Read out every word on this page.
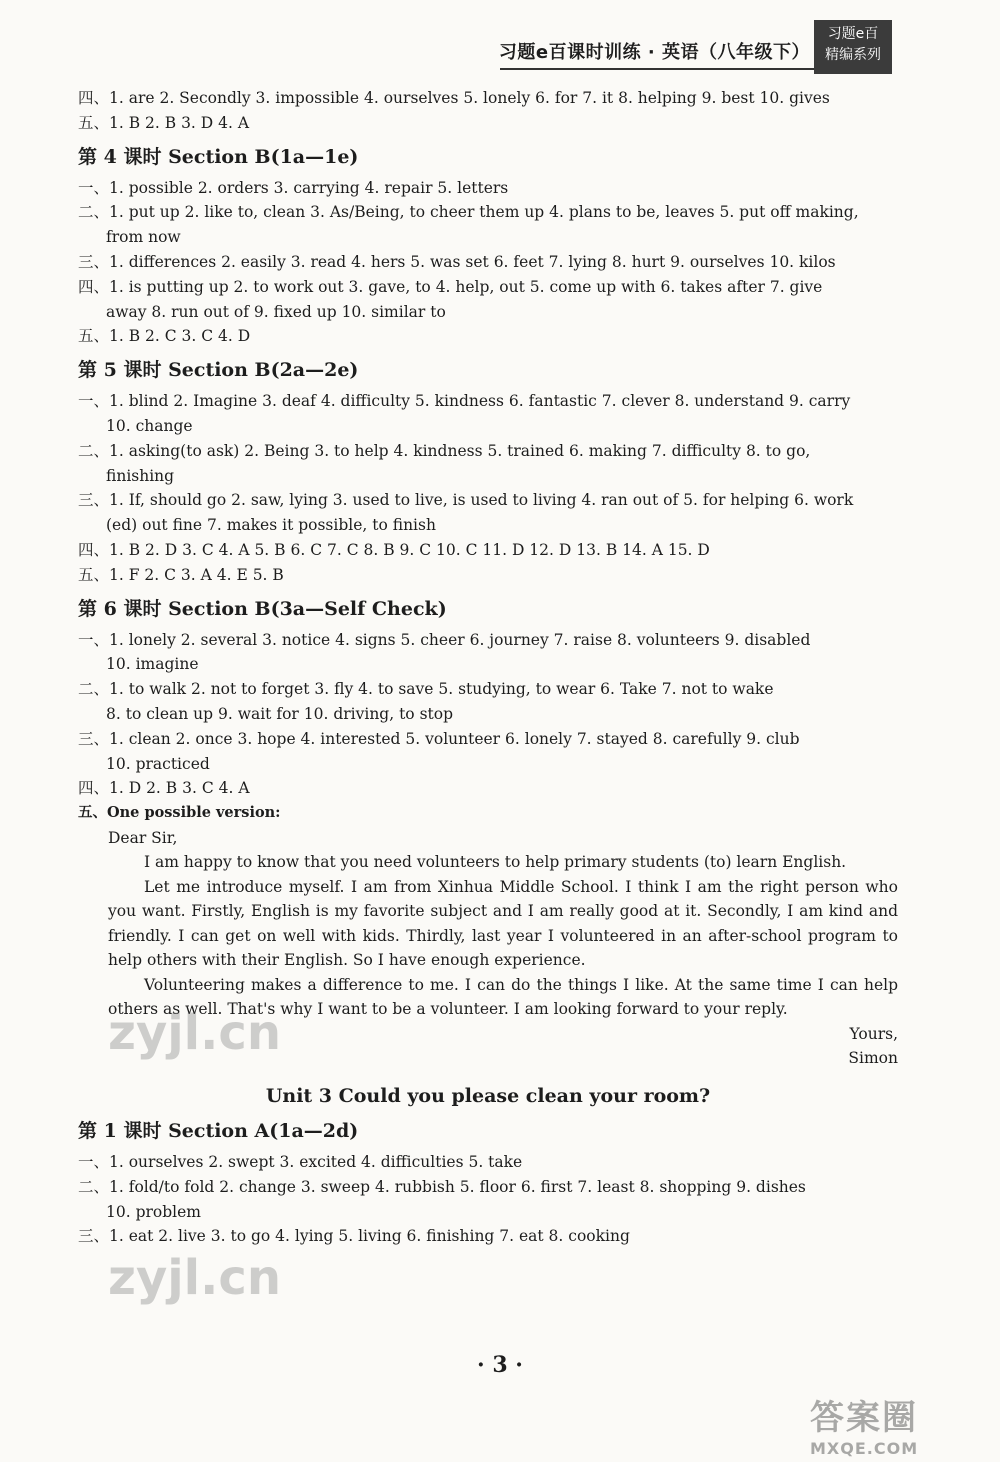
习题e百课时训练 · 英语（八年级下）
习题e百
精编系列
四、1. are 2. Secondly 3. impossible 4. ourselves 5. lonely 6. for 7. it 8. helping 9. best 10. gives
五、1. B 2. B 3. D 4. A
第 4 课时 Section B(1a—1e)
一、1. possible 2. orders 3. carrying 4. repair 5. letters
二、1. put up 2. like to, clean 3. As/Being, to cheer them up 4. plans to be, leaves 5. put off making,
from now
三、1. differences 2. easily 3. read 4. hers 5. was set 6. feet 7. lying 8. hurt 9. ourselves 10. kilos
四、1. is putting up 2. to work out 3. gave, to 4. help, out 5. come up with 6. takes after 7. give
away 8. run out of 9. fixed up 10. similar to
五、1. B 2. C 3. C 4. D
第 5 课时 Section B(2a—2e)
一、1. blind 2. Imagine 3. deaf 4. difficulty 5. kindness 6. fantastic 7. clever 8. understand 9. carry
10. change
二、1. asking(to ask) 2. Being 3. to help 4. kindness 5. trained 6. making 7. difficulty 8. to go,
finishing
三、1. If, should go 2. saw, lying 3. used to live, is used to living 4. ran out of 5. for helping 6. work
(ed) out fine 7. makes it possible, to finish
四、1. B 2. D 3. C 4. A 5. B 6. C 7. C 8. B 9. C 10. C 11. D 12. D 13. B 14. A 15. D
五、1. F 2. C 3. A 4. E 5. B
第 6 课时 Section B(3a—Self Check)
一、1. lonely 2. several 3. notice 4. signs 5. cheer 6. journey 7. raise 8. volunteers 9. disabled
10. imagine
二、1. to walk 2. not to forget 3. fly 4. to save 5. studying, to wear 6. Take 7. not to wake
8. to clean up 9. wait for 10. driving, to stop
三、1. clean 2. once 3. hope 4. interested 5. volunteer 6. lonely 7. stayed 8. carefully 9. club
10. practiced
四、1. D 2. B 3. C 4. A
五、One possible version:
Dear Sir,
I am happy to know that you need volunteers to help primary students (to) learn English.
Let me introduce myself. I am from Xinhua Middle School. I think I am the right person who you want. Firstly, English is my favorite subject and I am really good at it. Secondly, I am kind and friendly. I can get on well with kids. Thirdly, last year I volunteered in an after-school program to help others with their English. So I have enough experience.
Volunteering makes a difference to me. I can do the things I like. At the same time I can help others as well. That's why I want to be a volunteer. I am looking forward to your reply.
Yours,
Simon
Unit 3 Could you please clean your room?
第 1 课时 Section A(1a—2d)
一、1. ourselves 2. swept 3. excited 4. difficulties 5. take
二、1. fold/to fold 2. change 3. sweep 4. rubbish 5. floor 6. first 7. least 8. shopping 9. dishes
10. problem
三、1. eat 2. live 3. to go 4. lying 5. living 6. finishing 7. eat 8. cooking
zyjl.cn
zyjl.cn
· 3 ·
答案圈
MXQE.COM
